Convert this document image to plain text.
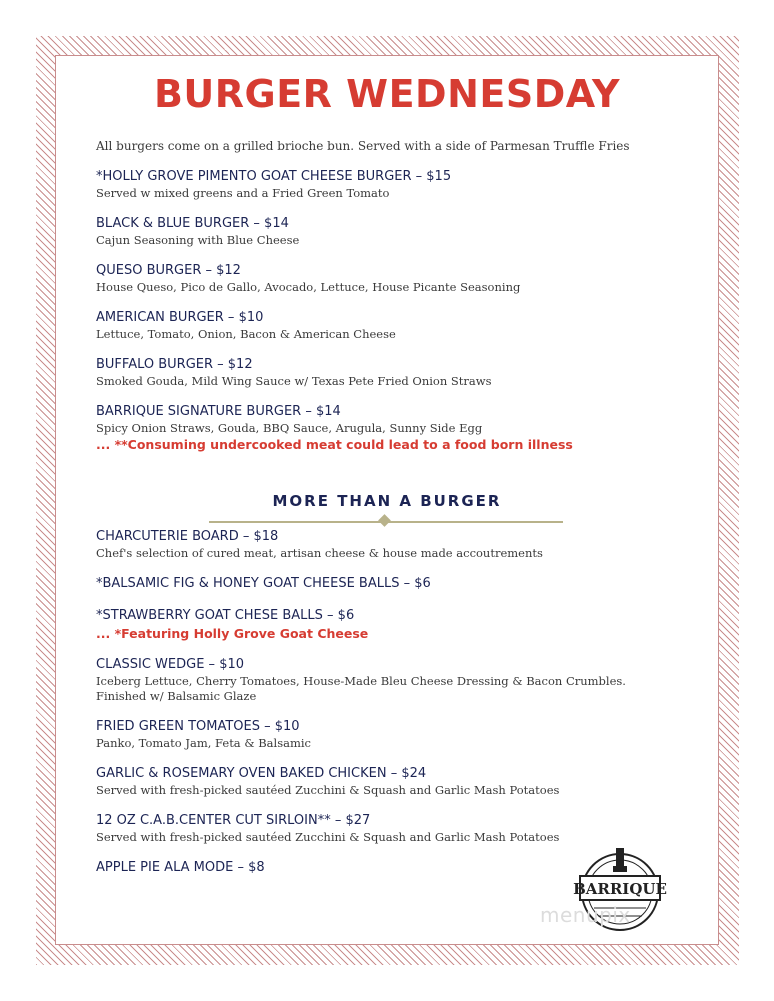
BURGER WEDNESDAY
All burgers come on a grilled brioche bun. Served with a side of Parmesan Truffle Fries
*HOLLY GROVE PIMENTO GOAT CHEESE BURGER – $15
Served w mixed greens and a Fried Green Tomato
BLACK & BLUE BURGER – $14
Cajun Seasoning with Blue Cheese
QUESO BURGER – $12
House Queso, Pico de Gallo, Avocado, Lettuce, House Picante Seasoning
AMERICAN BURGER – $10
Lettuce, Tomato, Onion, Bacon & American Cheese
BUFFALO BURGER – $12
Smoked Gouda, Mild Wing Sauce w/ Texas Pete Fried Onion Straws
BARRIQUE SIGNATURE BURGER – $14
Spicy Onion Straws, Gouda, BBQ Sauce, Arugula, Sunny Side Egg
... **Consuming undercooked meat could lead to a food born illness
MORE THAN A BURGER
CHARCUTERIE BOARD – $18
Chef's selection of cured meat, artisan cheese & house made accoutrements
*BALSAMIC FIG & HONEY GOAT CHEESE BALLS – $6
*STRAWBERRY GOAT CHESE BALLS – $6
... *Featuring Holly Grove Goat Cheese
CLASSIC WEDGE – $10
Iceberg Lettuce, Cherry Tomatoes, House-Made Bleu Cheese Dressing & Bacon Crumbles.
Finished w/ Balsamic Glaze
FRIED GREEN TOMATOES – $10
Panko, Tomato Jam, Feta & Balsamic
GARLIC & ROSEMARY OVEN BAKED CHICKEN – $24
Served with fresh-picked sautéed Zucchini & Squash and Garlic Mash Potatoes
12 OZ C.A.B.CENTER CUT SIRLOIN** – $27
Served with fresh-picked sautéed Zucchini & Squash and Garlic Mash Potatoes
APPLE PIE ALA MODE – $8
BARRIQUE
menupix
